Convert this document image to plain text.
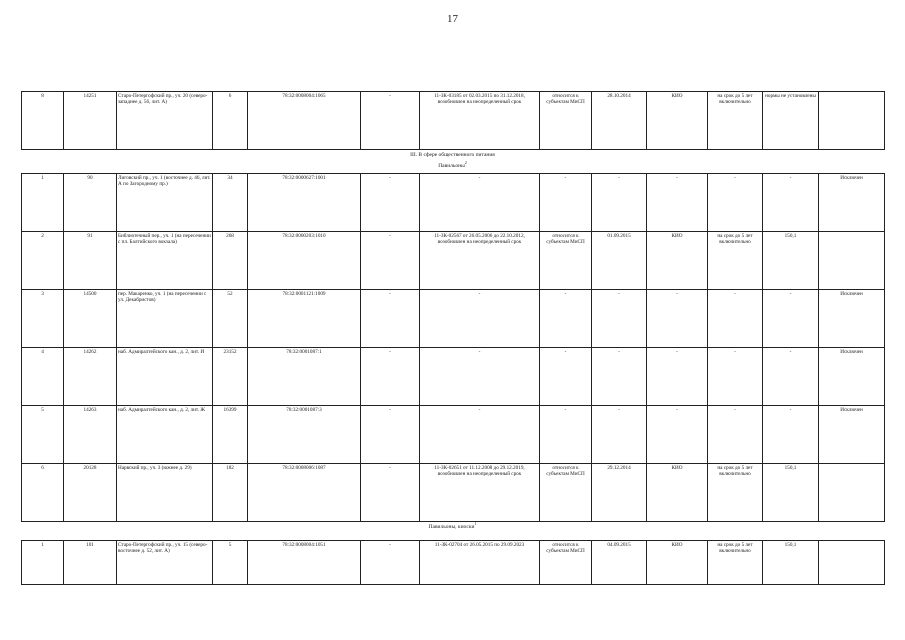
17
8	14251	Старо-Петергофский пр., уч. 20 (северо-западнее д. 56, лит. А)	6	78:32:0008004:1065	-	11-ЗК-03185 от 02.03.2015 по 31.12.2018, возобновлен на неопределенный срок	относится к субъектам МиСП	28.10.2014	КИО	на срок до 5 лет включительно	нормы не установлены	
III. В сфере общественного питания
Павильоны$^2$
1	90	Лиговский пр., уч. 1 (восточнее д. 46, лит. А по Загородному пр.)	34	78:32:0000627:1001	-	-	-	-	-	-	-	Исключен
2	91	Библиотечный пер., уч. 1 (на пересечении с пл. Балтийского вокзала)	268	78:32:0000203:1010	-	11-ЗК-02567 от 26.05.2006 до 22.10.2012, возобновлен на неопределенный срок	относится к субъектам МиСП	01.09.2015	КИО	на срок до 5 лет включительно	150,1	
3	14500	пер. Макаренко, уч. 1 (на пересечении с ул. Декабристов)	52	78:32:0001121:1009	-	-	-	-	-	-	-	Исключен
4	14262	наб. Адмиралтейского кан., д. 2, лит. И	23152	78:32:0001087:1	-	-	-	-	-	-	-	Исключен
5	14263	наб. Адмиралтейского кан., д. 2, лит. Ж	16399	78:32:0001087:3	-	-	-	-	-	-	-	Исключен
6	20128	Нарвский пр., уч. 3 (южнее д. 29)	182	78:32:0008006:1087	-	11-ЗК-02651 от 11.12.2008 до 29.12.2019, возобновлен на неопределенный срок	относится к субъектам МиСП	29.12.2014	КИО	на срок до 5 лет включительно	150,1	
Павильоны, киоски$^1$
1	101	Старо-Петергофский пр., уч. 15 (северо-восточнее д. 52, лит. А)	5	78:32:0008004:1051	-	11-ЗК-02704 от 26.05.2015 по 29.09.2023	относится к субъектам МиСП	04.09.2015	КИО	на срок до 5 лет включительно	150,1	
